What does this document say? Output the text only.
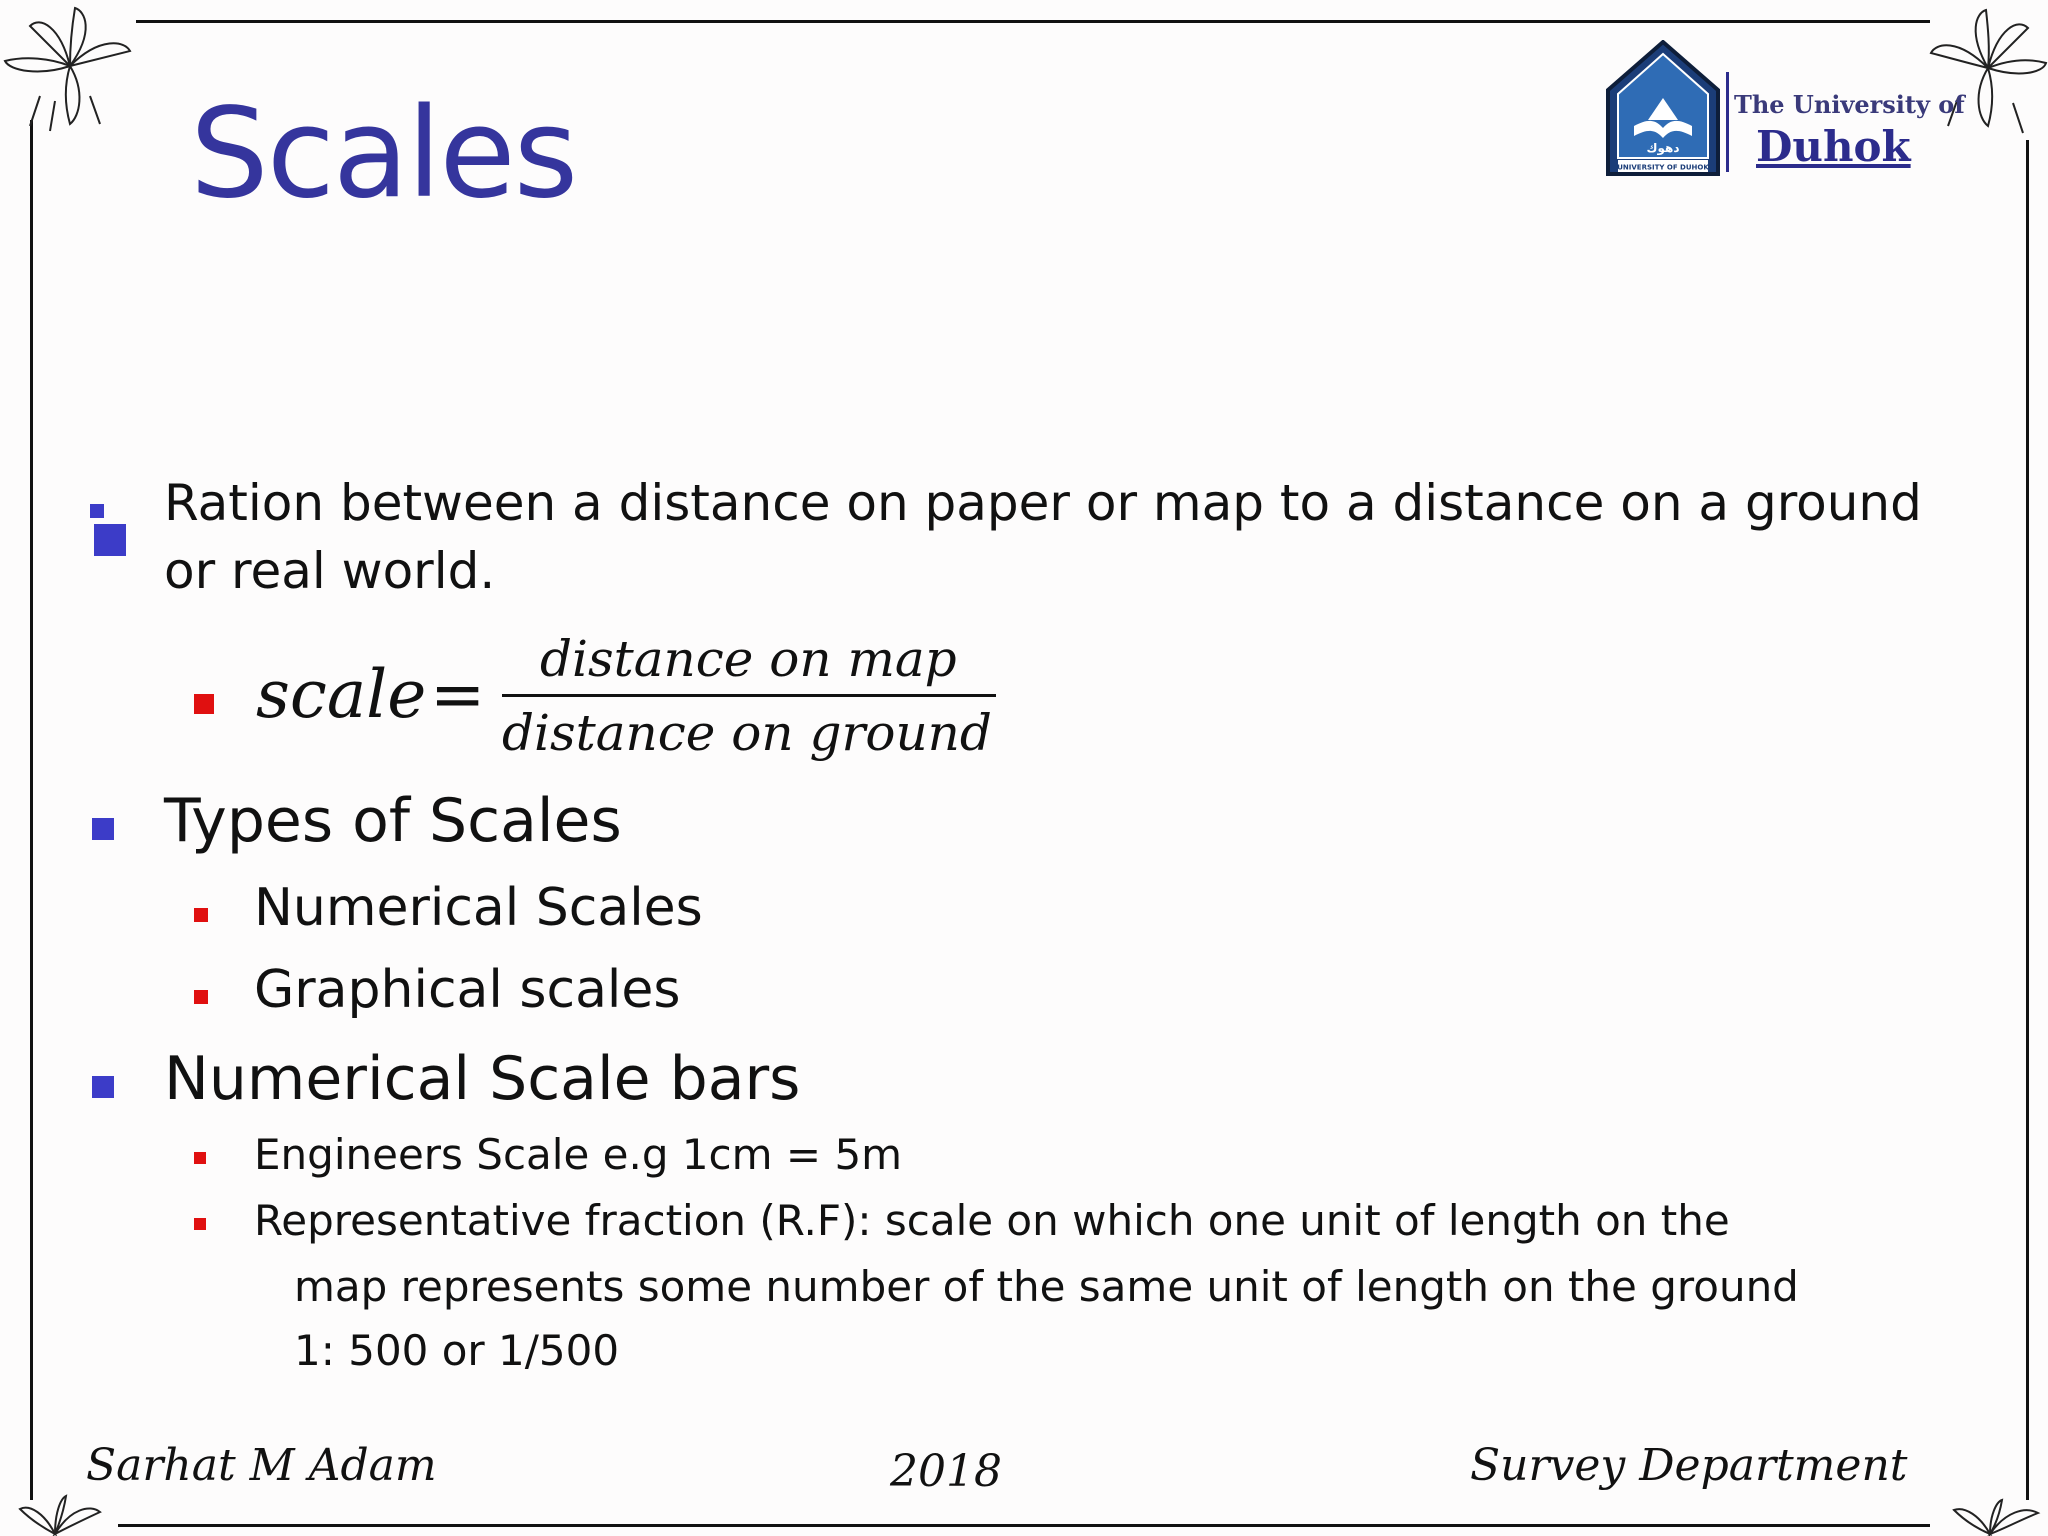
Scales	دهوك
UNIVERSITY OF DUHOK
The University of
Duhok
Ration between a distance on paper or map to a distance on a ground
or real world.
scale = distance on map
distance on ground
Types of Scales
Numerical Scales
Graphical scales
Numerical Scale bars
Engineers Scale e.g 1cm = 5m
Representative fraction (R.F): scale on which one unit of length on the
map represents some number of the same unit of length on the ground
1: 500 or 1/500
Sarhat M Adam	2018	Survey Department
